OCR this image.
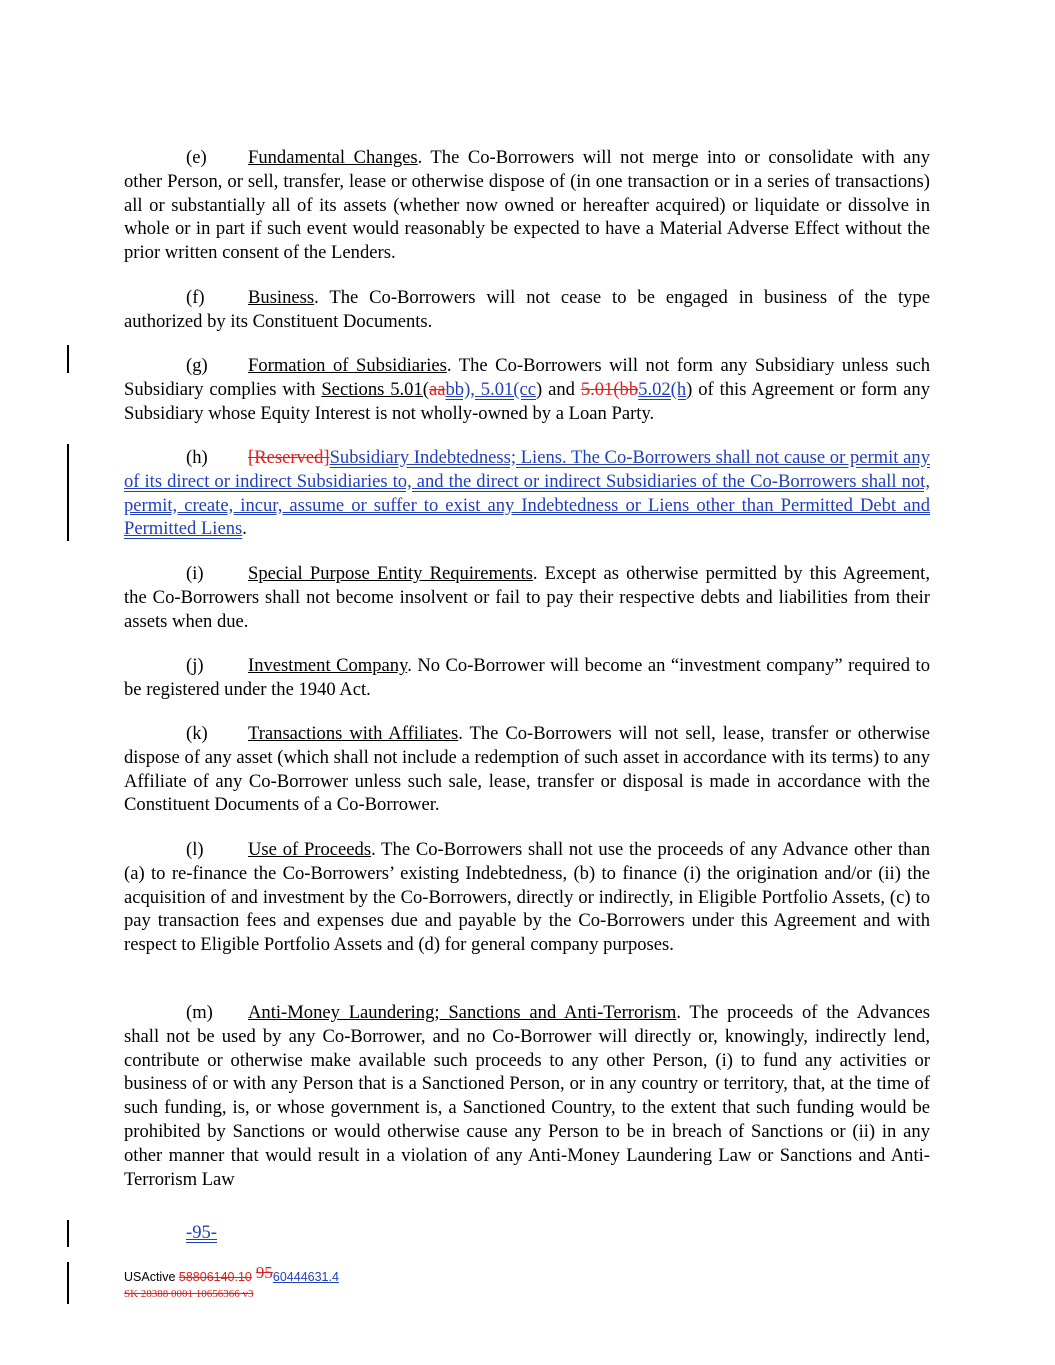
(e) Fundamental Changes. The Co-Borrowers will not merge into or consolidate with any other Person, or sell, transfer, lease or otherwise dispose of (in one transaction or in a series of transactions) all or substantially all of its assets (whether now owned or hereafter acquired) or liquidate or dissolve in whole or in part if such event would reasonably be expected to have a Material Adverse Effect without the prior written consent of the Lenders.

(f) Business. The Co-Borrowers will not cease to be engaged in business of the type authorized by its Constituent Documents.

(g) Formation of Subsidiaries. The Co-Borrowers will not form any Subsidiary unless such Subsidiary complies with Sections 5.01(aabb), 5.01(cc) and 5.01(bb5.02(h) of this Agreement or form any Subsidiary whose Equity Interest is not wholly-owned by a Loan Party.

(h) [Reserved]Subsidiary Indebtedness; Liens. The Co-Borrowers shall not cause or permit any of its direct or indirect Subsidiaries to, and the direct or indirect Subsidiaries of the Co-Borrowers shall not, permit, create, incur, assume or suffer to exist any Indebtedness or Liens other than Permitted Debt and Permitted Liens.

(i) Special Purpose Entity Requirements. Except as otherwise permitted by this Agreement, the Co-Borrowers shall not become insolvent or fail to pay their respective debts and liabilities from their assets when due.

(j) Investment Company. No Co-Borrower will become an “investment company” required to be registered under the 1940 Act.

(k) Transactions with Affiliates. The Co-Borrowers will not sell, lease, transfer or otherwise dispose of any asset (which shall not include a redemption of such asset in accordance with its terms) to any Affiliate of any Co-Borrower unless such sale, lease, transfer or disposal is made in accordance with the Constituent Documents of a Co-Borrower.

(l) Use of Proceeds. The Co-Borrowers shall not use the proceeds of any Advance other than (a) to re-finance the Co-Borrowers’ existing Indebtedness, (b) to finance (i) the origination and/or (ii) the acquisition of and investment by the Co-Borrowers, directly or indirectly, in Eligible Portfolio Assets, (c) to pay transaction fees and expenses due and payable by the Co-Borrowers under this Agreement and with respect to Eligible Portfolio Assets and (d) for general company purposes.

(m) Anti-Money Laundering; Sanctions and Anti-Terrorism. The proceeds of the Advances shall not be used by any Co-Borrower, and no Co-Borrower will directly or, knowingly, indirectly lend, contribute or otherwise make available such proceeds to any other Person, (i) to fund any activities or business of or with any Person that is a Sanctioned Person, or in any country or territory, that, at the time of such funding, is, or whose government is, a Sanctioned Country, to the extent that such funding would be prohibited by Sanctions or would otherwise cause any Person to be in breach of Sanctions or (ii) in any other manner that would result in a violation of any Anti-Money Laundering Law or Sanctions and Anti-Terrorism Law

-95-
USActive 58806140.10 9560444631.4
SK 28388 0001 10656366 v3
